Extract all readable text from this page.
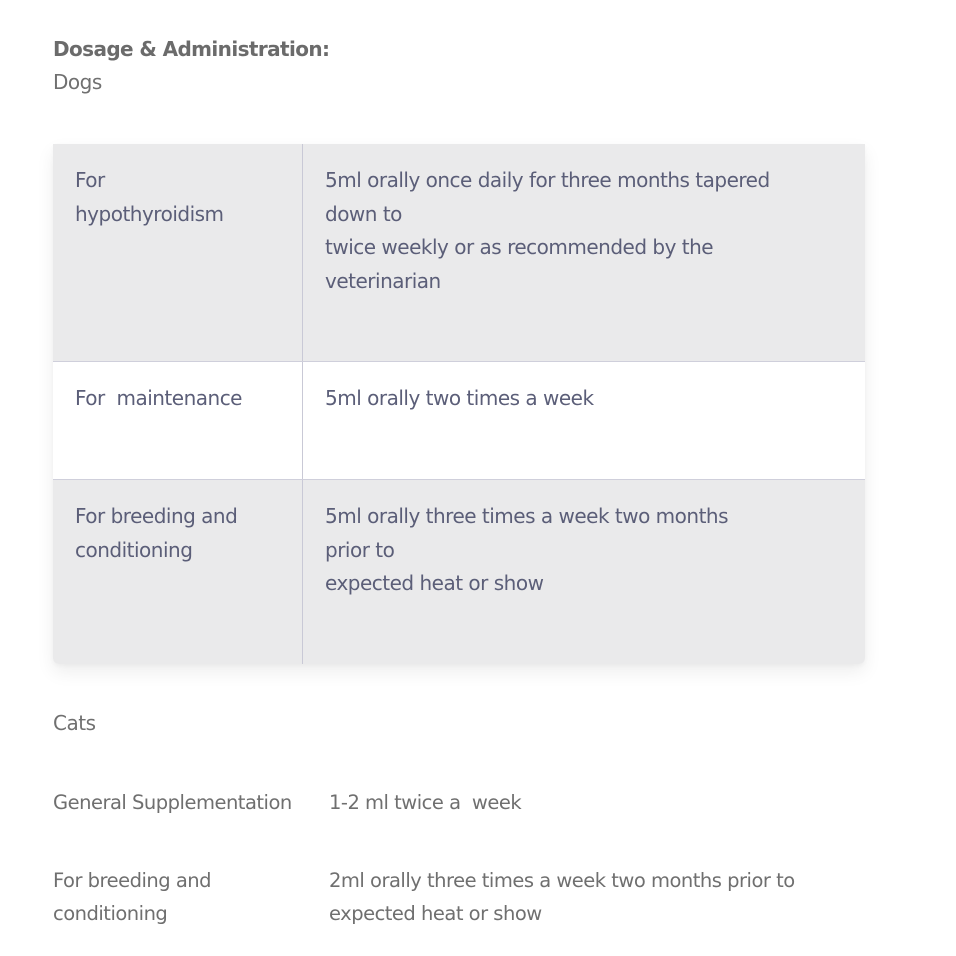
Dosage & Administration:
Dogs
For
hypothyroidism
5ml orally once daily for three months tapered
down to
twice weekly or as recommended by the
veterinarian
For  maintenance	5ml orally two times a week
For breeding and
conditioning
5ml orally three times a week two months
prior to
expected heat or show
Cats
General Supplementation	1-2 ml twice a  week
For breeding and
conditioning
2ml orally three times a week two months prior to
expected heat or show
